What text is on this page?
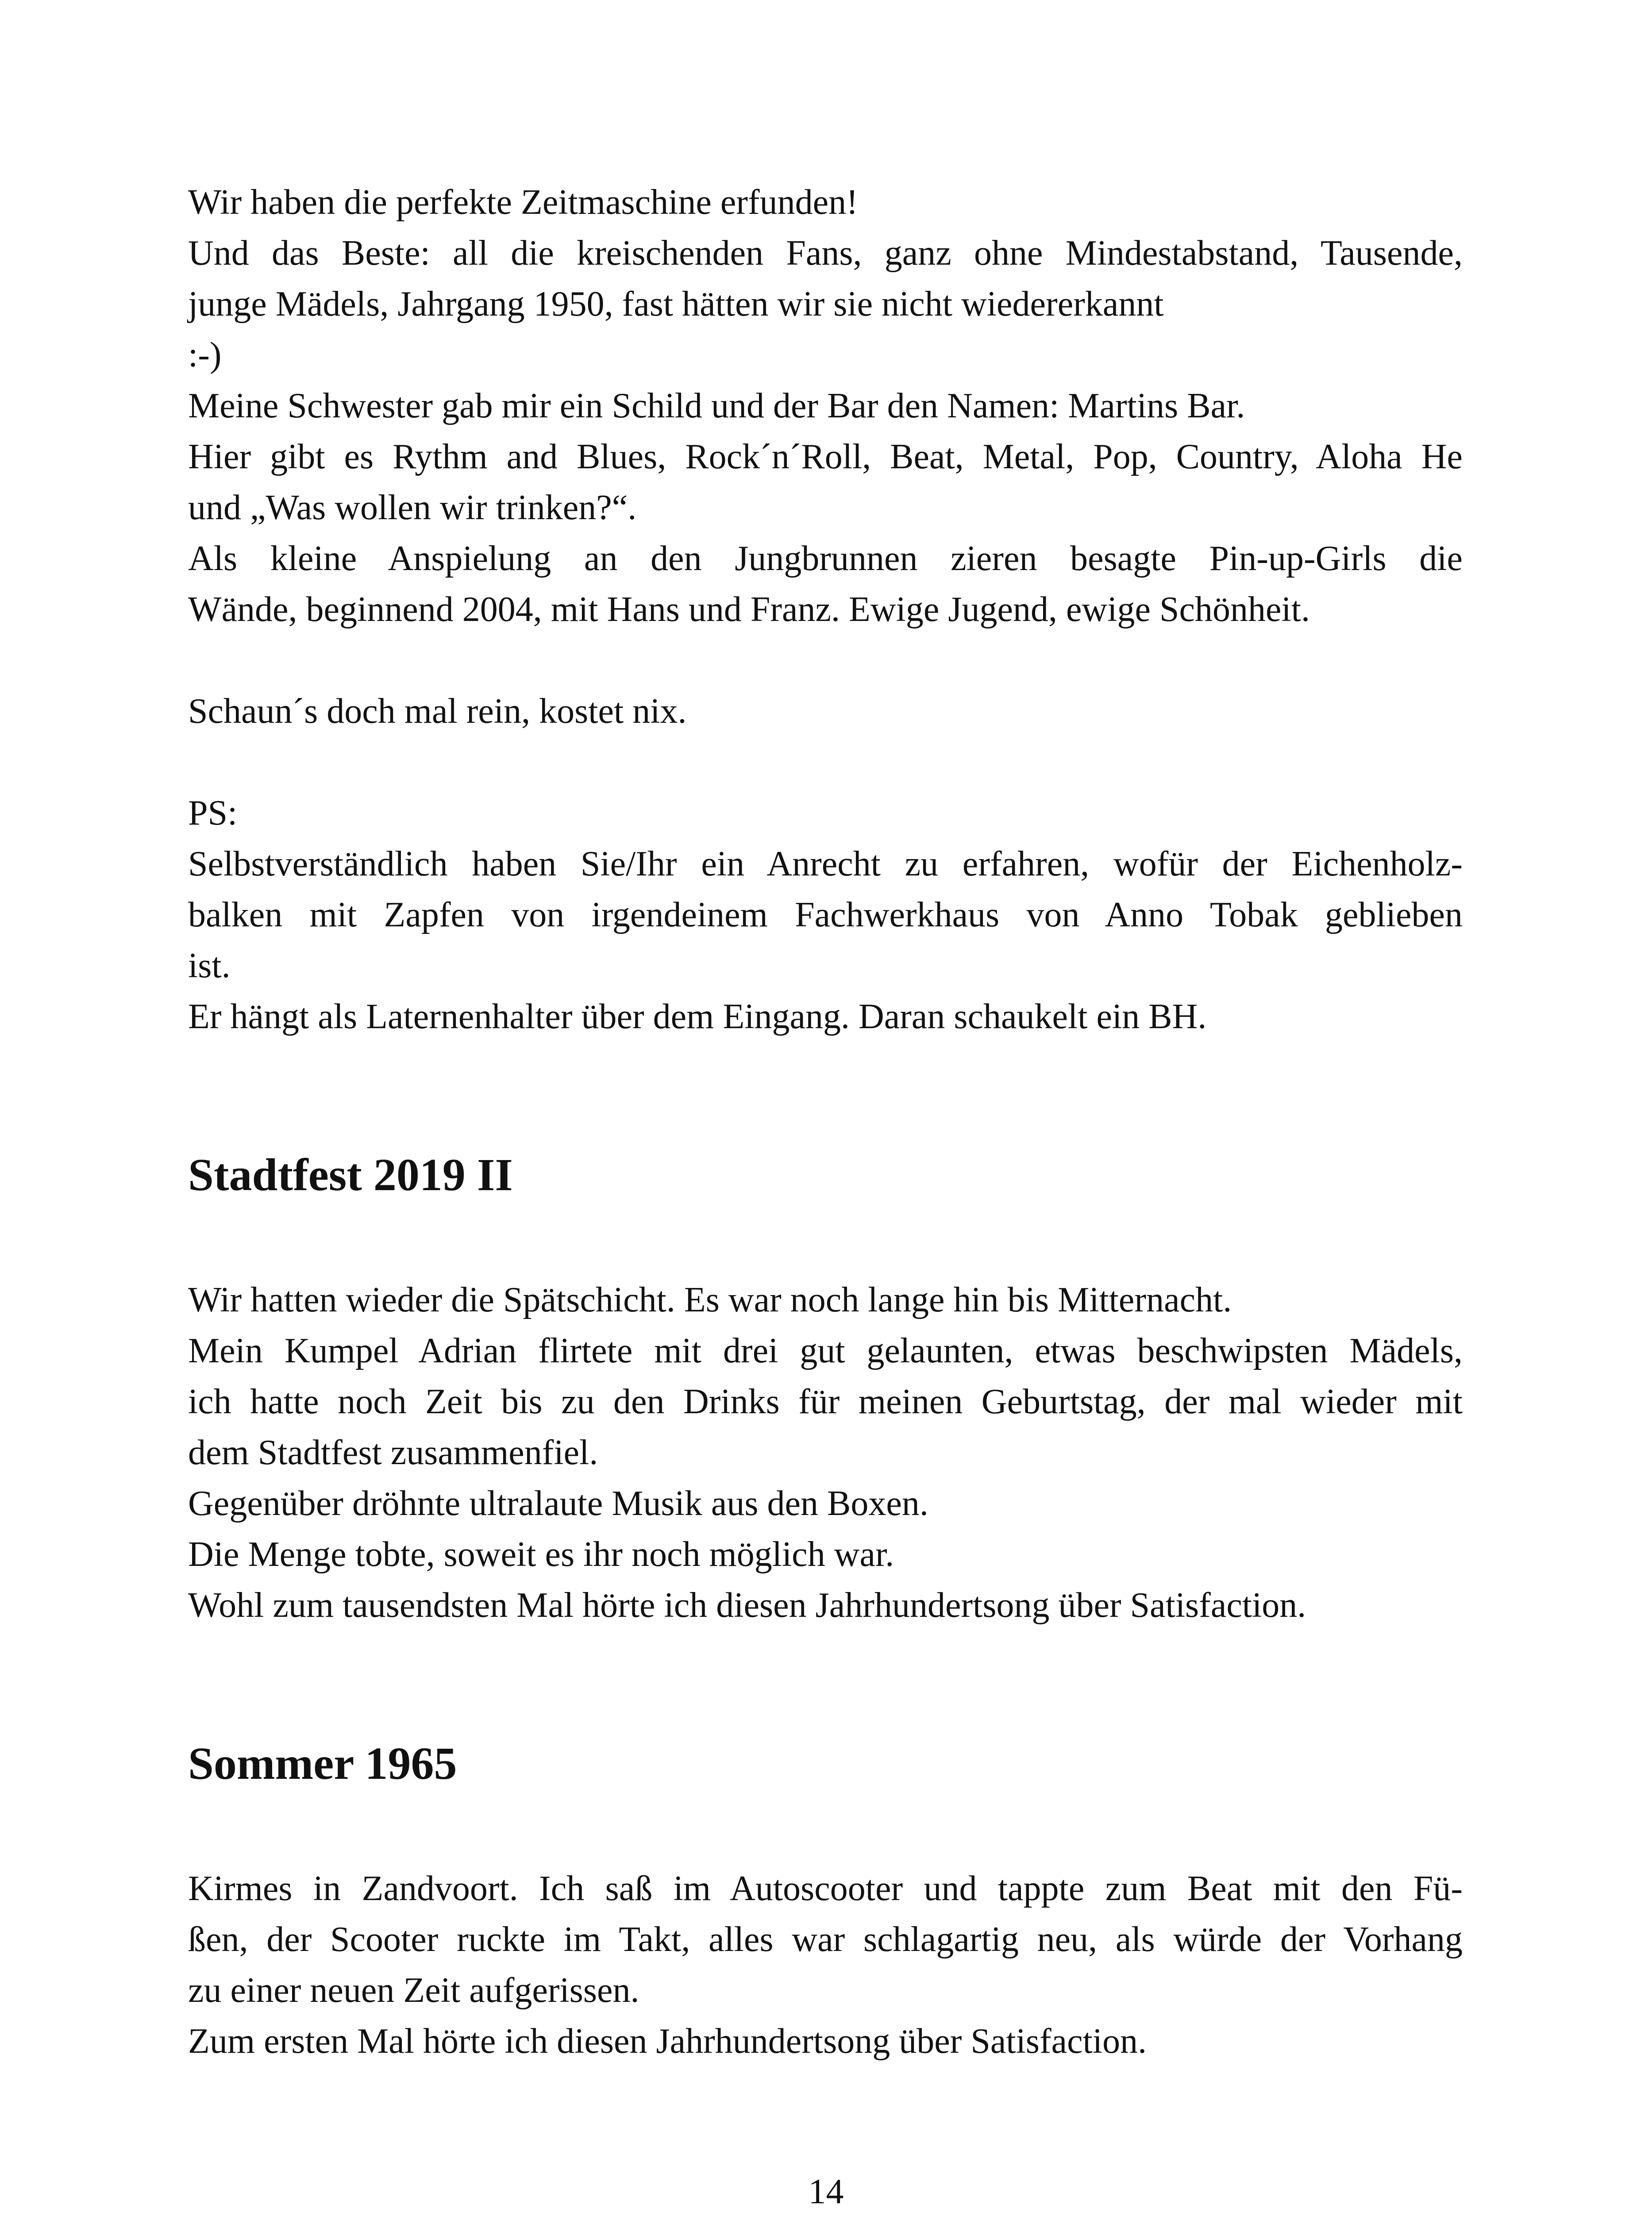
Wir haben die perfekte Zeitmaschine erfunden!
Und das Beste: all die kreischenden Fans, ganz ohne Mindestabstand, Tausende,
junge Mädels, Jahrgang 1950, fast hätten wir sie nicht wiedererkannt
:-)
Meine Schwester gab mir ein Schild und der Bar den Namen: Martins Bar.
Hier gibt es Rythm and Blues, Rock´n´Roll, Beat, Metal, Pop, Country, Aloha He
und „Was wollen wir trinken?“.
Als kleine Anspielung an den Jungbrunnen zieren besagte Pin-up-Girls die
Wände, beginnend 2004, mit Hans und Franz. Ewige Jugend, ewige Schönheit.
Schaun´s doch mal rein, kostet nix.
PS:
Selbstverständlich haben Sie/Ihr ein Anrecht zu erfahren, wofür der Eichenholz-
balken mit Zapfen von irgendeinem Fachwerkhaus von Anno Tobak geblieben
ist.
Er hängt als Laternenhalter über dem Eingang. Daran schaukelt ein BH.
Stadtfest 2019 II
Wir hatten wieder die Spätschicht. Es war noch lange hin bis Mitternacht.
Mein Kumpel Adrian flirtete mit drei gut gelaunten, etwas beschwipsten Mädels,
ich hatte noch Zeit bis zu den Drinks für meinen Geburtstag, der mal wieder mit
dem Stadtfest zusammenfiel.
Gegenüber dröhnte ultralaute Musik aus den Boxen.
Die Menge tobte, soweit es ihr noch möglich war.
Wohl zum tausendsten Mal hörte ich diesen Jahrhundertsong über Satisfaction.
Sommer 1965
Kirmes in Zandvoort. Ich saß im Autoscooter und tappte zum Beat mit den Fü-
ßen, der Scooter ruckte im Takt, alles war schlagartig neu, als würde der Vorhang
zu einer neuen Zeit aufgerissen.
Zum ersten Mal hörte ich diesen Jahrhundertsong über Satisfaction.
14
